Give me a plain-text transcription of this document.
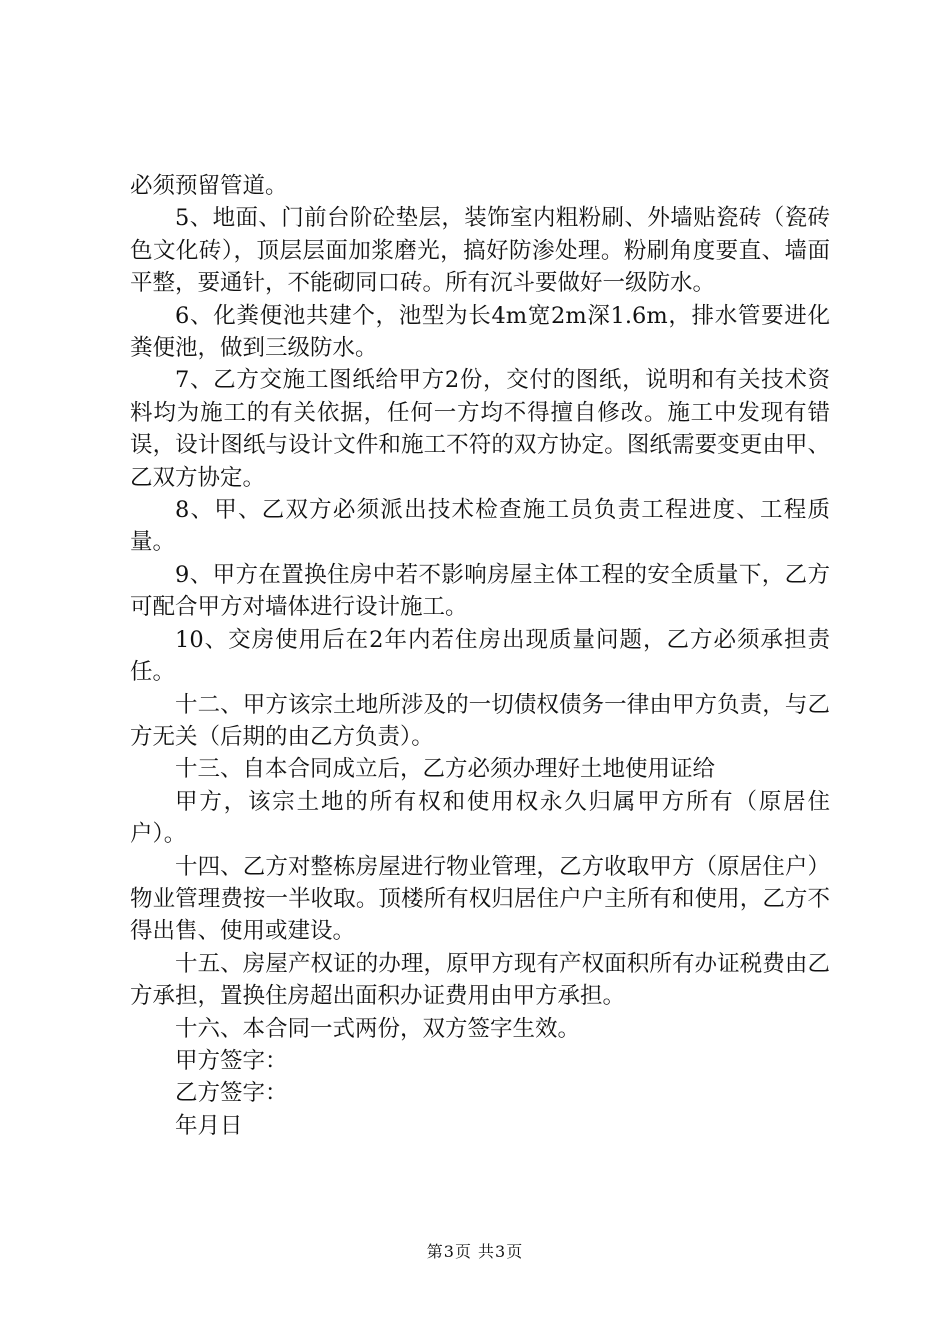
必须预留管道。

5、地面、门前台阶砼垫层，装饰室内粗粉刷、外墙贴瓷砖（瓷砖色文化砖），顶层层面加浆磨光，搞好防渗处理。粉刷角度要直、墙面平整，要通针，不能砌同口砖。所有沉斗要做好一级防水。

6、化粪便池共建个，池型为长4m宽2m深1.6m，排水管要进化粪便池，做到三级防水。

7、乙方交施工图纸给甲方2份，交付的图纸，说明和有关技术资料均为施工的有关依据，任何一方均不得擅自修改。施工中发现有错误，设计图纸与设计文件和施工不符的双方协定。图纸需要变更由甲、乙双方协定。

8、甲、乙双方必须派出技术检查施工员负责工程进度、工程质量。

9、甲方在置换住房中若不影响房屋主体工程的安全质量下，乙方可配合甲方对墙体进行设计施工。

10、交房使用后在2年内若住房出现质量问题，乙方必须承担责任。

十二、甲方该宗土地所涉及的一切债权债务一律由甲方负责，与乙方无关（后期的由乙方负责）。

十三、自本合同成立后，乙方必须办理好土地使用证给

甲方，该宗土地的所有权和使用权永久归属甲方所有（原居住户）。

十四、乙方对整栋房屋进行物业管理，乙方收取甲方（原居住户）物业管理费按一半收取。顶楼所有权归居住户户主所有和使用，乙方不得出售、使用或建设。

十五、房屋产权证的办理，原甲方现有产权面积所有办证税费由乙方承担，置换住房超出面积办证费用由甲方承担。

十六、本合同一式两份，双方签字生效。

甲方签字：

乙方签字：

年月日

第3页 共3页
